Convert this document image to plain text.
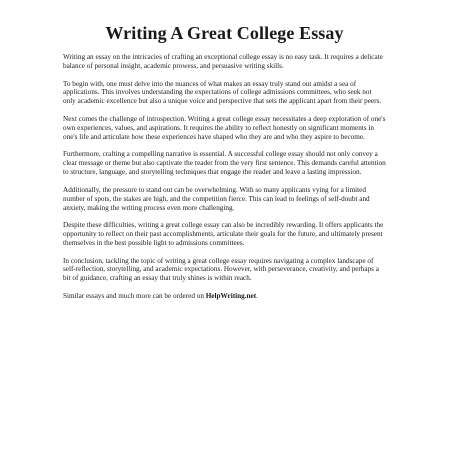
Writing A Great College Essay

Writing an essay on the intricacies of crafting an exceptional college essay is no easy task. It requires a delicate balance of personal insight, academic prowess, and persuasive writing skills.

To begin with, one must delve into the nuances of what makes an essay truly stand out amidst a sea of applications. This involves understanding the expectations of college admissions committees, who seek not only academic excellence but also a unique voice and perspective that sets the applicant apart from their peers.

Next comes the challenge of introspection. Writing a great college essay necessitates a deep exploration of one's own experiences, values, and aspirations. It requires the ability to reflect honestly on significant moments in one's life and articulate how these experiences have shaped who they are and who they aspire to become.

Furthermore, crafting a compelling narrative is essential. A successful college essay should not only convey a clear message or theme but also captivate the reader from the very first sentence. This demands careful attention to structure, language, and storytelling techniques that engage the reader and leave a lasting impression.

Additionally, the pressure to stand out can be overwhelming. With so many applicants vying for a limited number of spots, the stakes are high, and the competition fierce. This can lead to feelings of self-doubt and anxiety, making the writing process even more challenging.

Despite these difficulties, writing a great college essay can also be incredibly rewarding. It offers applicants the opportunity to reflect on their past accomplishments, articulate their goals for the future, and ultimately present themselves in the best possible light to admissions committees.

In conclusion, tackling the topic of writing a great college essay requires navigating a complex landscape of self-reflection, storytelling, and academic expectations. However, with perseverance, creativity, and perhaps a bit of guidance, crafting an essay that truly shines is within reach.

Similar essays and much more can be ordered on HelpWriting.net.
